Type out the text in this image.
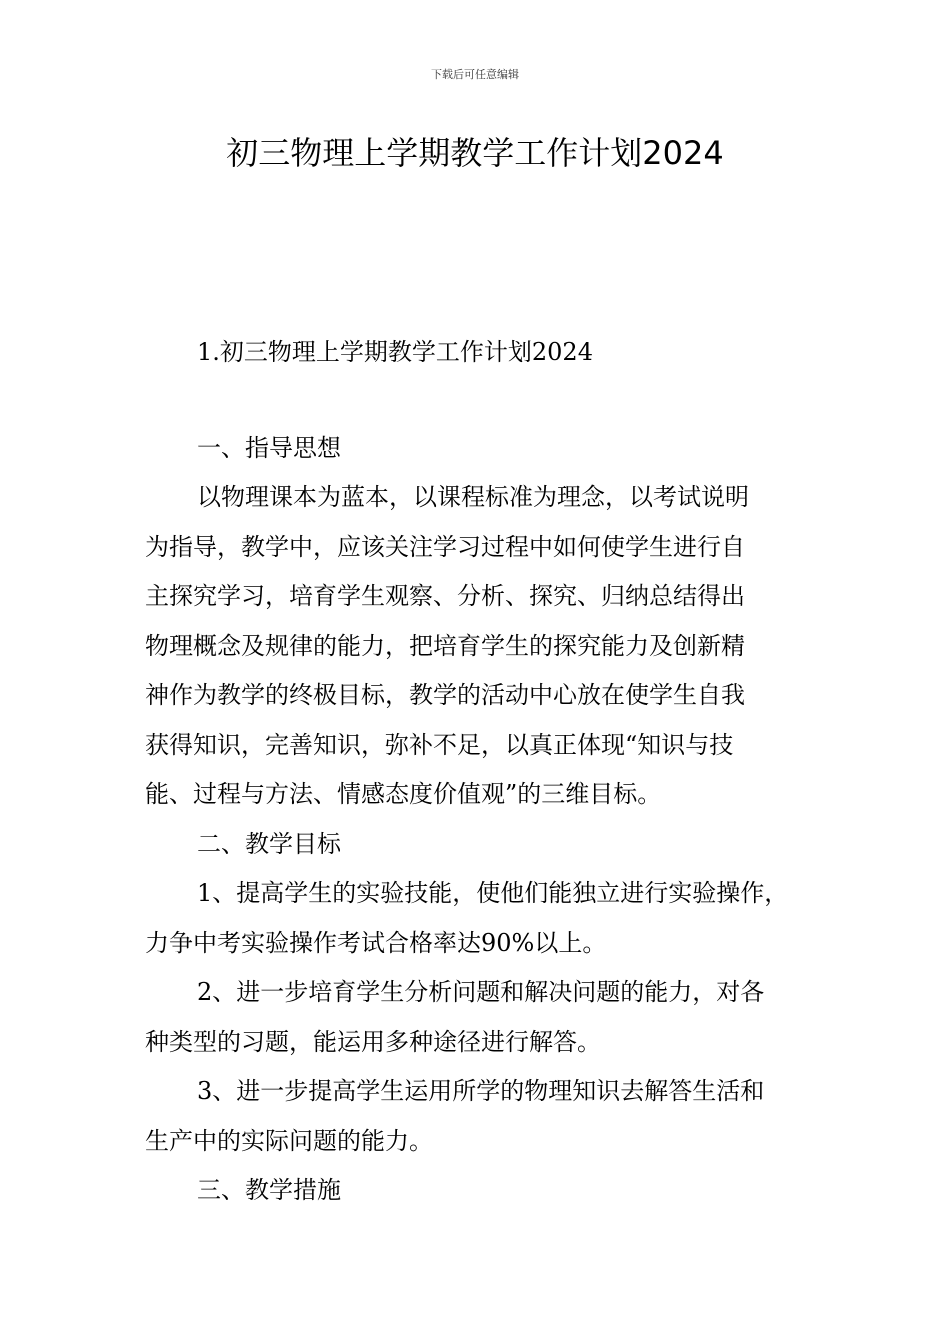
下载后可任意编辑
初三物理上学期教学工作计划2024
1.初三物理上学期教学工作计划2024
一、指导思想
以物理课本为蓝本，以课程标准为理念，以考试说明
为指导，教学中，应该关注学习过程中如何使学生进行自
主探究学习，培育学生观察、分析、探究、归纳总结得出
物理概念及规律的能力，把培育学生的探究能力及创新精
神作为教学的终极目标，教学的活动中心放在使学生自我
获得知识，完善知识，弥补不足，以真正体现“知识与技
能、过程与方法、情感态度价值观”的三维目标。
二、教学目标
1、提高学生的实验技能，使他们能独立进行实验操作，
力争中考实验操作考试合格率达90%以上。
2、进一步培育学生分析问题和解决问题的能力，对各
种类型的习题，能运用多种途径进行解答。
3、进一步提高学生运用所学的物理知识去解答生活和
生产中的实际问题的能力。
三、教学措施
